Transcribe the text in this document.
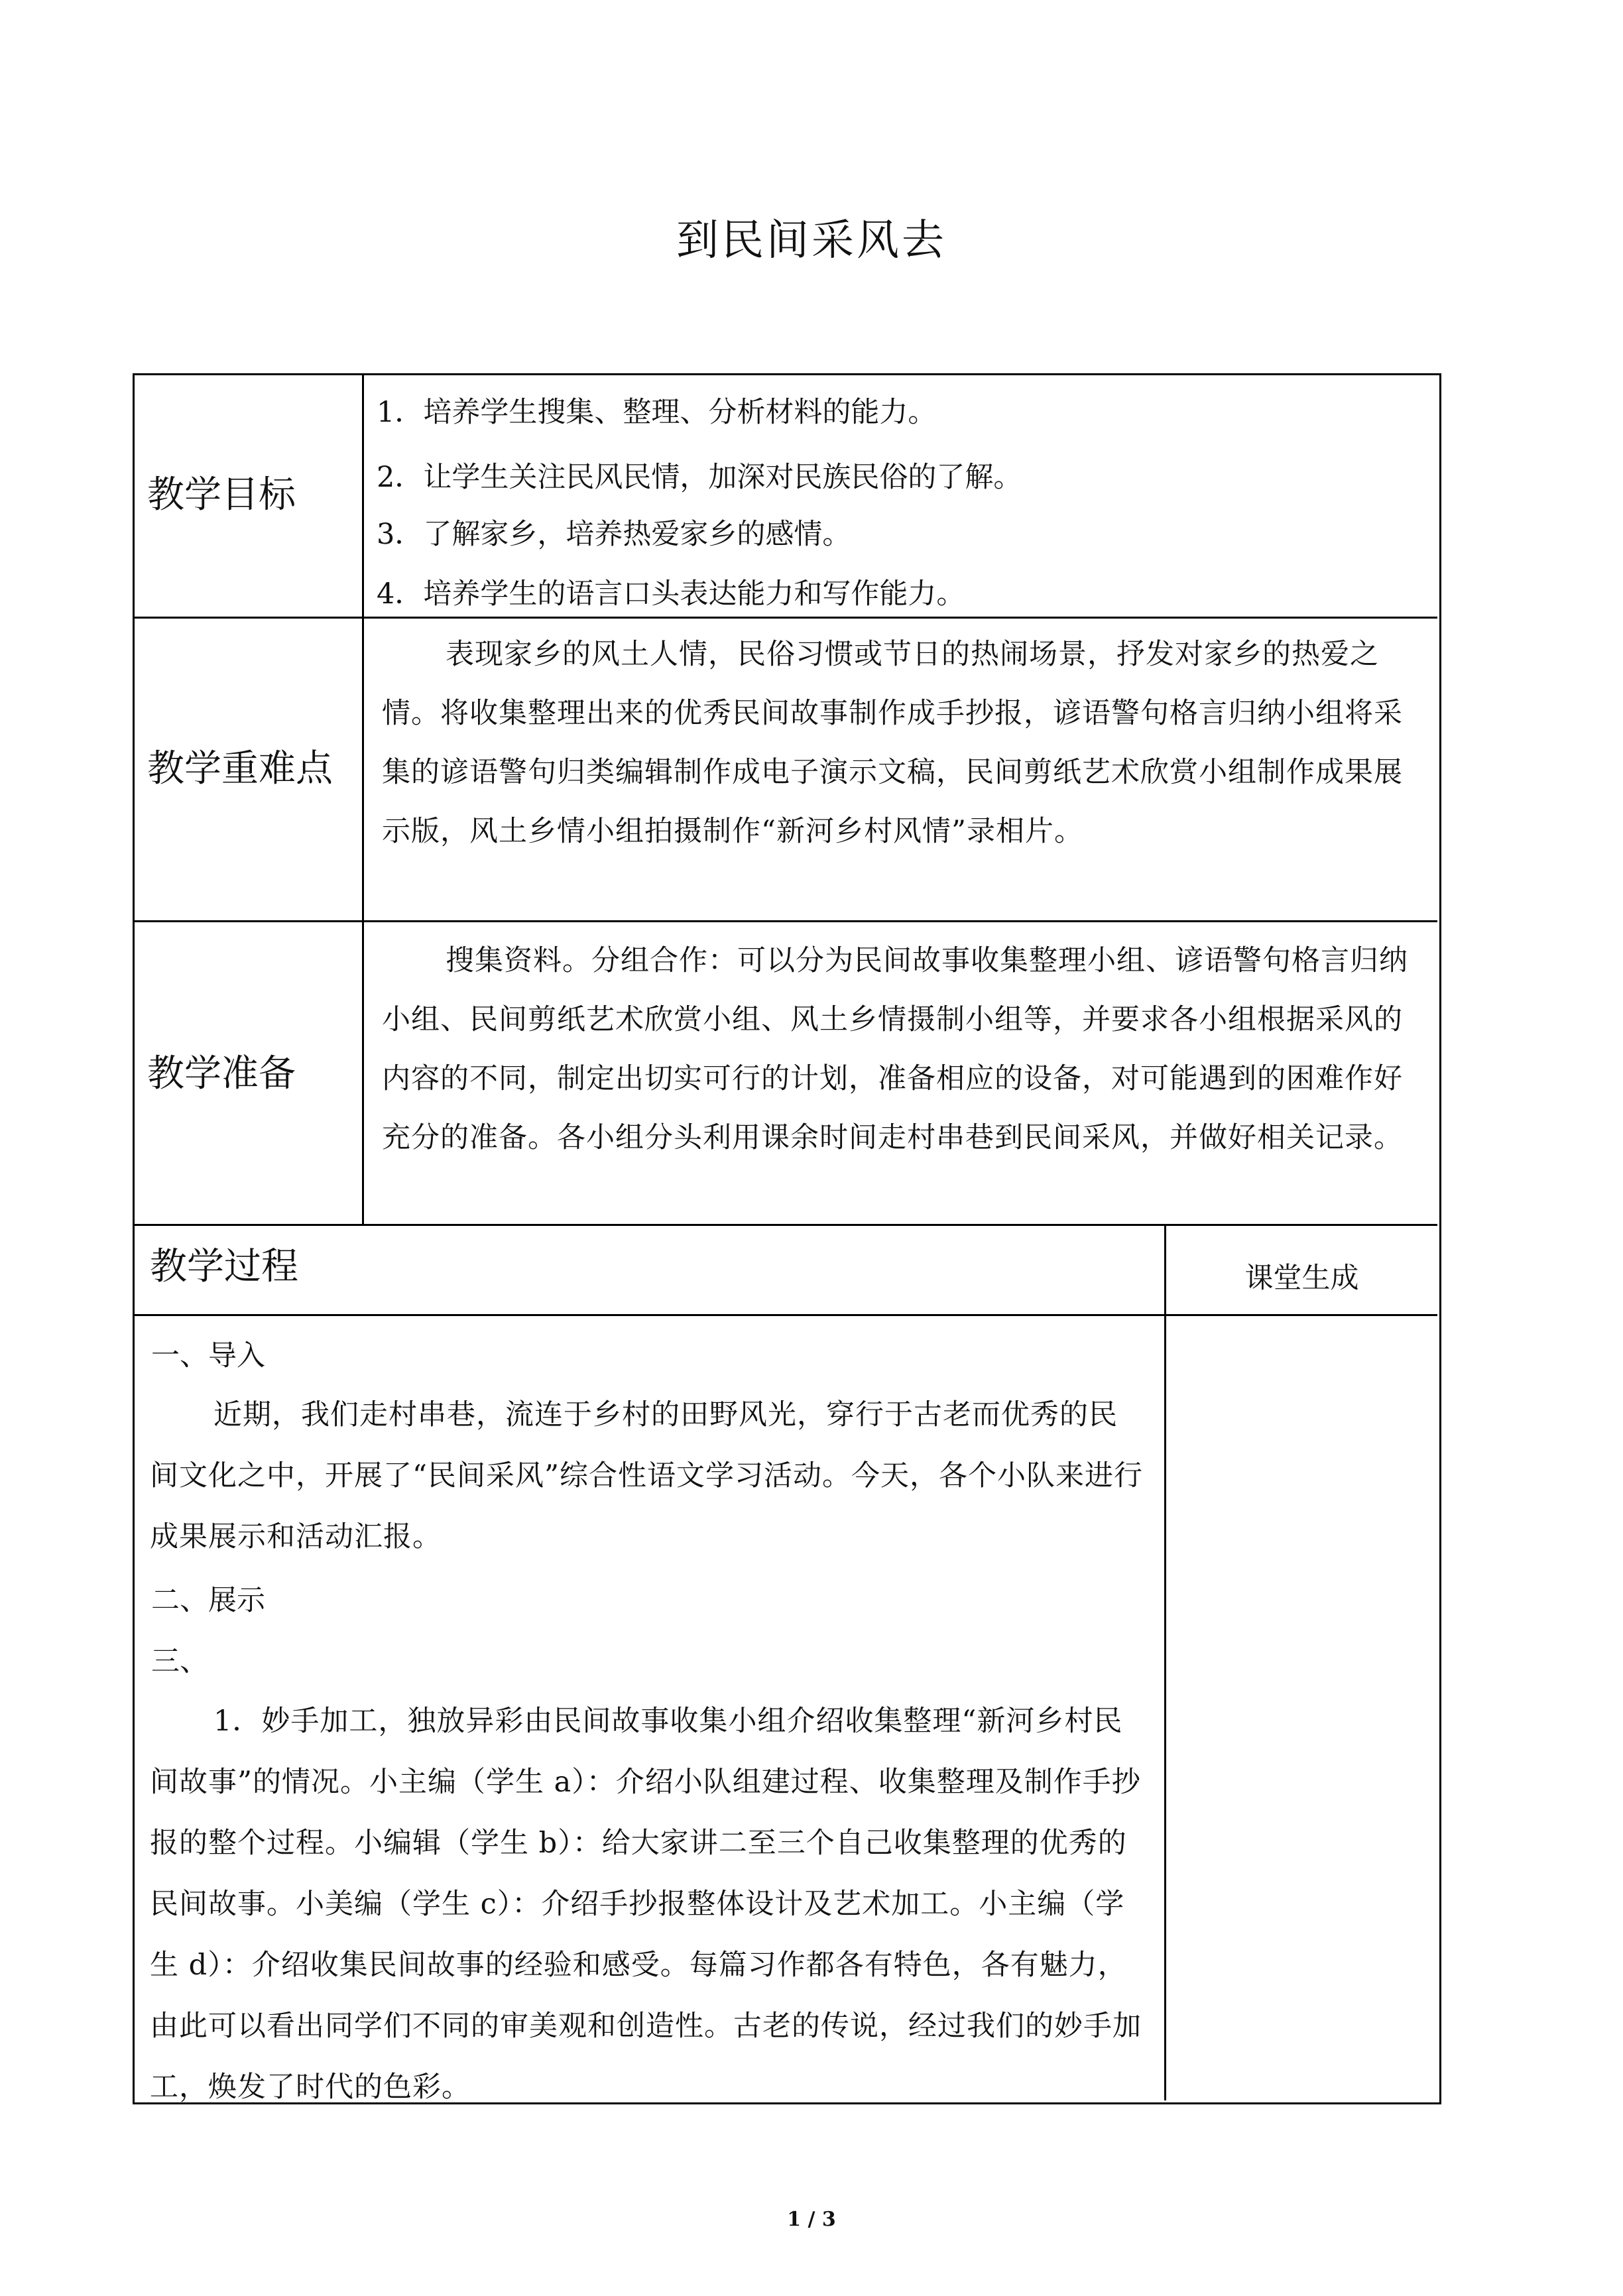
到民间采风去
教学目标

1．培养学生搜集、整理、分析材料的能力。

2．让学生关注民风民情，加深对民族民俗的了解。

3．了解家乡，培养热爱家乡的感情。

4．培养学生的语言口头表达能力和写作能力。

教学重难点

表现家乡的风土人情，民俗习惯或节日的热闹场景，抒发对家乡的热爱之情。将收集整理出来的优秀民间故事制作成手抄报，谚语警句格言归纳小组将采集的谚语警句归类编辑制作成电子演示文稿，民间剪纸艺术欣赏小组制作成果展示版，风土乡情小组拍摄制作“新河乡村风情”录相片。

教学准备

搜集资料。分组合作：可以分为民间故事收集整理小组、谚语警句格言归纳小组、民间剪纸艺术欣赏小组、风土乡情摄制小组等，并要求各小组根据采风的内容的不同，制定出切实可行的计划，准备相应的设备，对可能遇到的困难作好充分的准备。各小组分头利用课余时间走村串巷到民间采风，并做好相关记录。

教学过程	课堂生成

一、导入

近期，我们走村串巷，流连于乡村的田野风光，穿行于古老而优秀的民间文化之中，开展了“民间采风”综合性语文学习活动。今天，各个小队来进行成果展示和活动汇报。

二、展示

三、

1．妙手加工，独放异彩由民间故事收集小组介绍收集整理“新河乡村民间故事”的情况。小主编（学生 a）：介绍小队组建过程、收集整理及制作手抄报的整个过程。小编辑（学生 b）：给大家讲二至三个自己收集整理的优秀的民间故事。小美编（学生 c）：介绍手抄报整体设计及艺术加工。小主编（学生 d）：介绍收集民间故事的经验和感受。每篇习作都各有特色，各有魅力，由此可以看出同学们不同的审美观和创造性。古老的传说，经过我们的妙手加工，焕发了时代的色彩。

1 / 3
